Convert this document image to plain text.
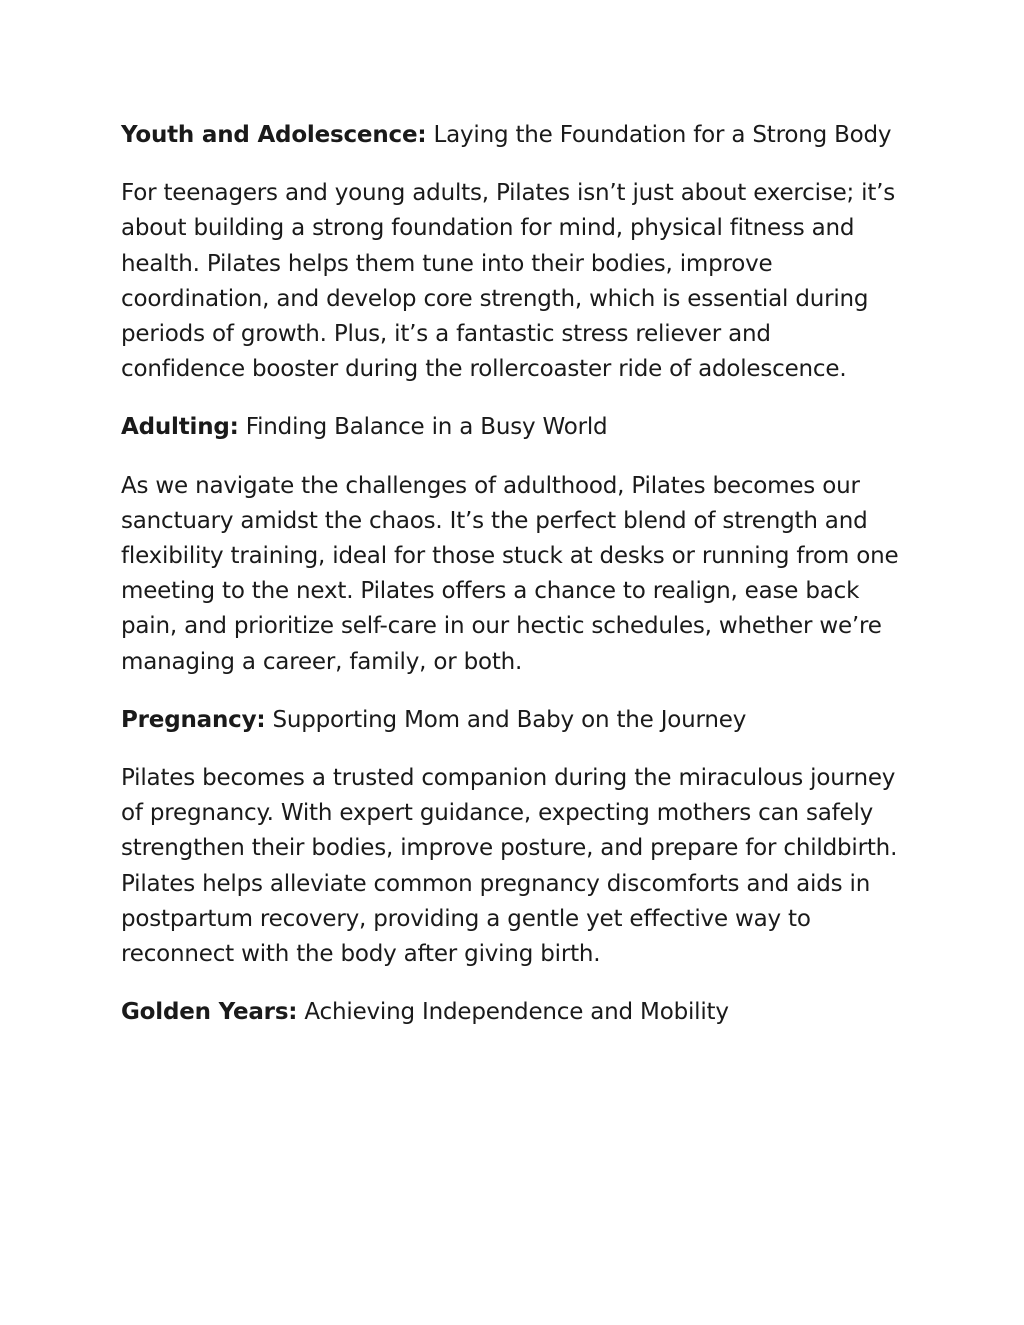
Youth and Adolescence: Laying the Foundation for a Strong Body

For teenagers and young adults, Pilates isn’t just about exercise; it’s about building a strong foundation for mind, physical fitness and health. Pilates helps them tune into their bodies, improve coordination, and develop core strength, which is essential during periods of growth. Plus, it’s a fantastic stress reliever and confidence booster during the rollercoaster ride of adolescence.

Adulting: Finding Balance in a Busy World

As we navigate the challenges of adulthood, Pilates becomes our sanctuary amidst the chaos. It’s the perfect blend of strength and flexibility training, ideal for those stuck at desks or running from one meeting to the next. Pilates offers a chance to realign, ease back pain, and prioritize self-care in our hectic schedules, whether we’re managing a career, family, or both.

Pregnancy: Supporting Mom and Baby on the Journey

Pilates becomes a trusted companion during the miraculous journey of pregnancy. With expert guidance, expecting mothers can safely strengthen their bodies, improve posture, and prepare for childbirth. Pilates helps alleviate common pregnancy discomforts and aids in postpartum recovery, providing a gentle yet effective way to reconnect with the body after giving birth.

Golden Years: Achieving Independence and Mobility
